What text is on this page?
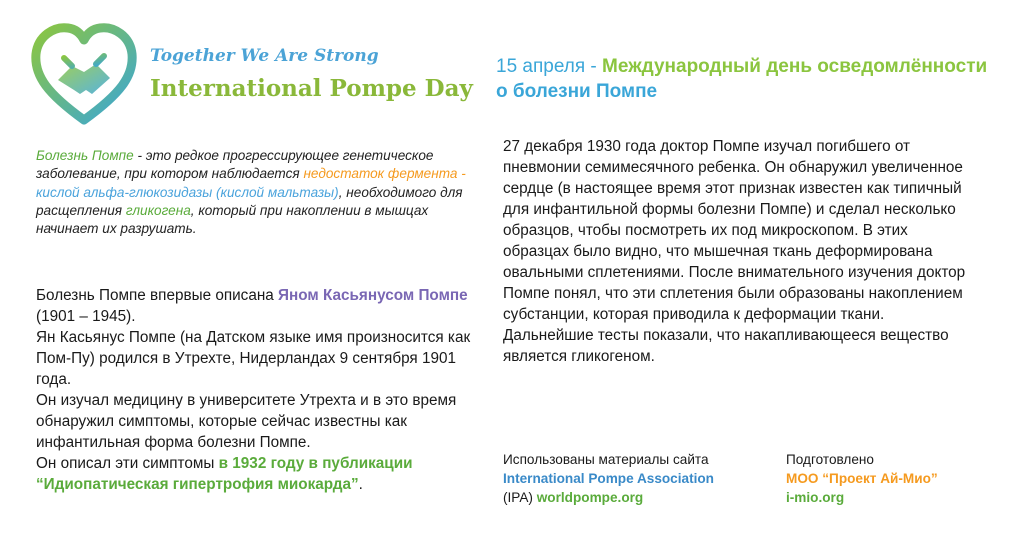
Together We Are Strong
International Pompe Day
15 апреля - Международный день осведомлённости о болезни Помпе
Болезнь Помпе - это редкое прогрессирующее генетическое заболевание, при котором наблюдается недостаток фермента - кислой альфа-глюкозидазы (кислой мальтазы), необходимого для расщепления гликогена, который при накоплении в мышцах начинает их разрушать.
Болезнь Помпе впервые описана Яном Касьянусом Помпе (1901 – 1945).
Ян Касьянус Помпе (на Датском языке имя произносится как Пом-Пу) родился в Утрехте, Нидерландах 9 сентября 1901 года.
Он изучал медицину в университете Утрехта и в это время обнаружил симптомы, которые сейчас известны как инфантильная форма болезни Помпе.
Он описал эти симптомы в 1932 году в публикации “Идиопатическая гипертрофия миокарда”.
27 декабря 1930 года доктор Помпе изучал погибшего от пневмонии семимесячного ребенка. Он обнаружил увеличенное сердце (в настоящее время этот признак известен как типичный для инфантильной формы болезни Помпе) и сделал несколько образцов, чтобы посмотреть их под микроскопом. В этих образцах было видно, что мышечная ткань деформирована овальными сплетениями. После внимательного изучения доктор Помпе понял, что эти сплетения были образованы накоплением субстанции, которая приводила к деформации ткани. Дальнейшие тесты показали, что накапливающееся вещество является гликогеном.
Использованы материалы сайта
International Pompe Association
(IPA) worldpompe.org
Подготовлено
МОО “Проект Ай-Мио”
i-mio.org
